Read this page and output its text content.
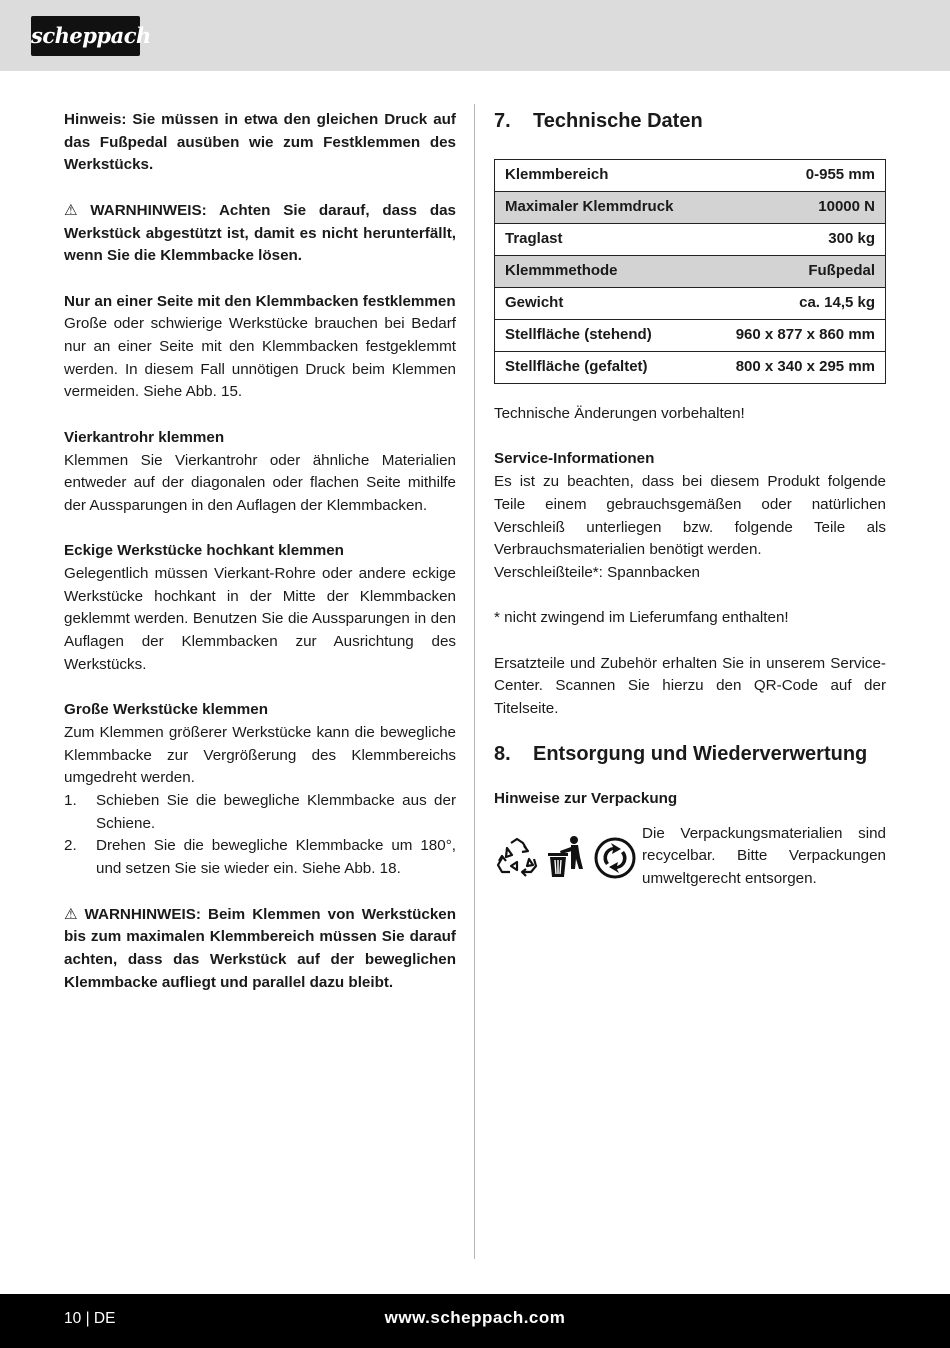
scheppach

Hinweis: Sie müssen in etwa den gleichen Druck auf das Fußpedal ausüben wie zum Festklemmen des Werkstücks.

⚠ WARNHINWEIS: Achten Sie darauf, dass das Werkstück abgestützt ist, damit es nicht herunterfällt, wenn Sie die Klemmbacke lösen.

Nur an einer Seite mit den Klemmbacken festklemmen

Große oder schwierige Werkstücke brauchen bei Bedarf nur an einer Seite mit den Klemmbacken festgeklemmt werden. In diesem Fall unnötigen Druck beim Klemmen vermeiden. Siehe Abb. 15.

Vierkantrohr klemmen

Klemmen Sie Vierkantrohr oder ähnliche Materialien entweder auf der diagonalen oder flachen Seite mithilfe der Aussparungen in den Auflagen der Klemmbacken.

Eckige Werkstücke hochkant klemmen

Gelegentlich müssen Vierkant-Rohre oder andere eckige Werkstücke hochkant in der Mitte der Klemmbacken geklemmt werden. Benutzen Sie die Aussparungen in den Auflagen der Klemmbacken zur Ausrichtung des Werkstücks.

Große Werkstücke klemmen

Zum Klemmen größerer Werkstücke kann die bewegliche Klemmbacke zur Vergrößerung des Klemmbereichs umgedreht werden.

1. Schieben Sie die bewegliche Klemmbacke aus der Schiene.
2. Drehen Sie die bewegliche Klemmbacke um 180°, und setzen Sie sie wieder ein. Siehe Abb. 18.

⚠ WARNHINWEIS: Beim Klemmen von Werkstücken bis zum maximalen Klemmbereich müssen Sie darauf achten, dass das Werkstück auf der beweglichen Klemmbacke aufliegt und parallel dazu bleibt.

7.	Technische Daten
Klemmbereich	0-955 mm
Maximaler Klemmdruck	10000 N
Traglast	300 kg
Klemmmethode	Fußpedal
Gewicht	ca. 14,5 kg
Stellfläche (stehend)	960 x 877 x 860 mm
Stellfläche (gefaltet)	800 x 340 x 295 mm

Technische Änderungen vorbehalten!

Service-Informationen

Es ist zu beachten, dass bei diesem Produkt folgende Teile einem gebrauchsgemäßen oder natürlichen Verschleiß unterliegen bzw. folgende Teile als Verbrauchsmaterialien benötigt werden.

Verschleißteile*: Spannbacken

* nicht zwingend im Lieferumfang enthalten!

Ersatzteile und Zubehör erhalten Sie in unserem Service-Center. Scannen Sie hierzu den QR-Code auf der Titelseite.

8.	Entsorgung und Wiederverwertung

Hinweise zur Verpackung

Die Verpackungsmaterialien sind recycelbar. Bitte Verpackungen umweltgerecht entsorgen.

10 | DE	www.scheppach.com
